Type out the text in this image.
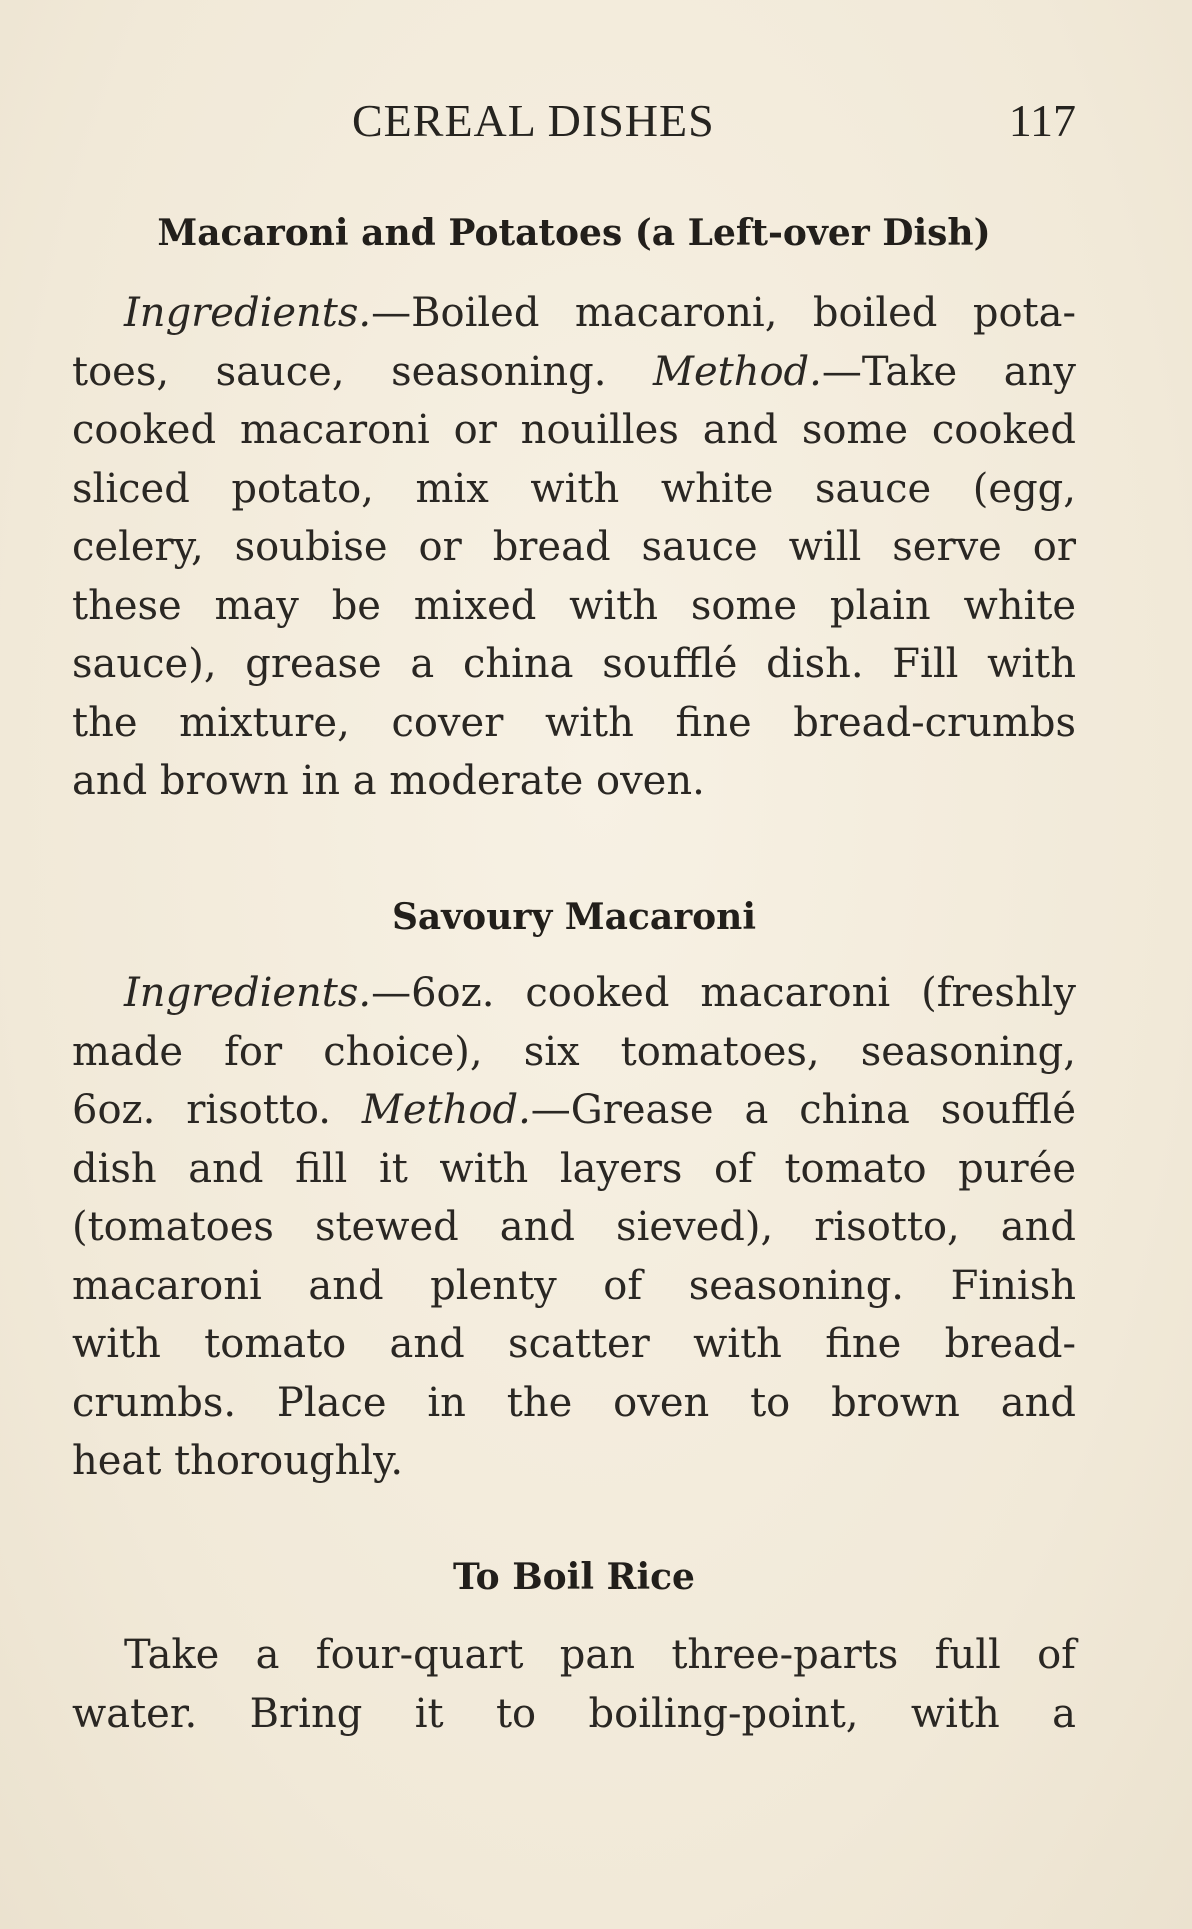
CEREAL DISHES	117
Macaroni and Potatoes (a Left-over Dish)
Ingredients.—Boiled macaroni, boiled pota-
toes, sauce, seasoning. Method.—Take any
cooked macaroni or nouilles and some cooked
sliced potato, mix with white sauce (egg,
celery, soubise or bread sauce will serve or
these may be mixed with some plain white
sauce), grease a china soufflé dish. Fill with
the mixture, cover with fine bread-crumbs
and brown in a moderate oven.
Savoury Macaroni
Ingredients.—6oz. cooked macaroni (freshly
made for choice), six tomatoes, seasoning,
6oz. risotto. Method.—Grease a china soufflé
dish and fill it with layers of tomato purée
(tomatoes stewed and sieved), risotto, and
macaroni and plenty of seasoning. Finish
with tomato and scatter with fine bread-
crumbs. Place in the oven to brown and
heat thoroughly.
To Boil Rice
Take a four-quart pan three-parts full of
water. Bring it to boiling-point, with a
